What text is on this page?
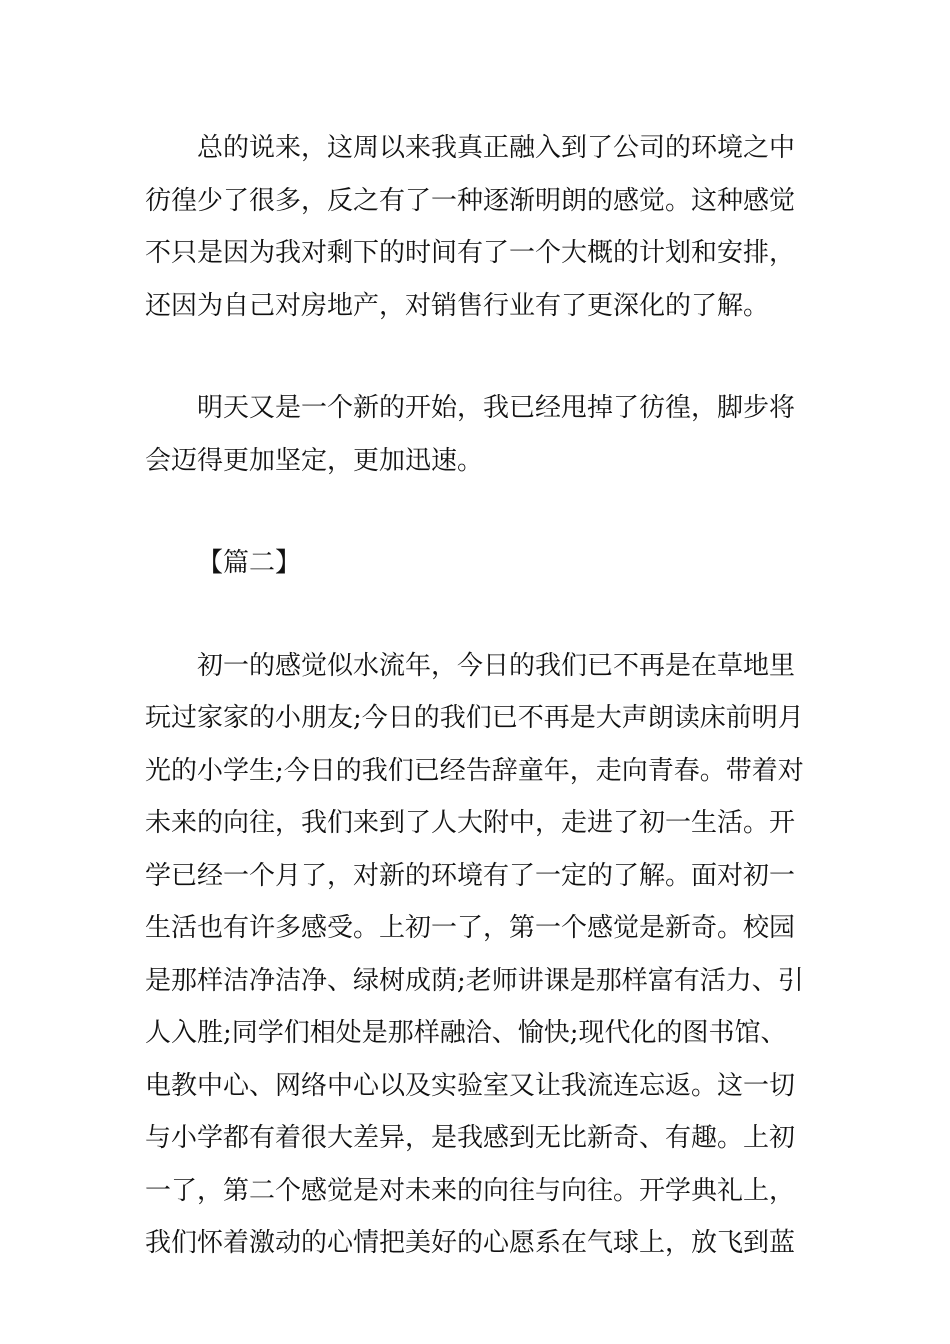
总的说来，这周以来我真正融入到了公司的环境之中
彷徨少了很多，反之有了一种逐渐明朗的感觉。这种感觉
不只是因为我对剩下的时间有了一个大概的计划和安排，
还因为自己对房地产，对销售行业有了更深化的了解。
明天又是一个新的开始，我已经甩掉了彷徨，脚步将
会迈得更加坚定，更加迅速。
【篇二】
初一的感觉似水流年，今日的我们已不再是在草地里
玩过家家的小朋友;今日的我们已不再是大声朗读床前明月
光的小学生;今日的我们已经告辞童年，走向青春。带着对
未来的向往，我们来到了人大附中，走进了初一生活。开
学已经一个月了，对新的环境有了一定的了解。面对初一
生活也有许多感受。上初一了，第一个感觉是新奇。校园
是那样洁净洁净、绿树成荫;老师讲课是那样富有活力、引
人入胜;同学们相处是那样融洽、愉快;现代化的图书馆、
电教中心、网络中心以及实验室又让我流连忘返。这一切
与小学都有着很大差异，是我感到无比新奇、有趣。上初
一了，第二个感觉是对未来的向往与向往。开学典礼上，
我们怀着激动的心情把美好的心愿系在气球上，放飞到蓝
